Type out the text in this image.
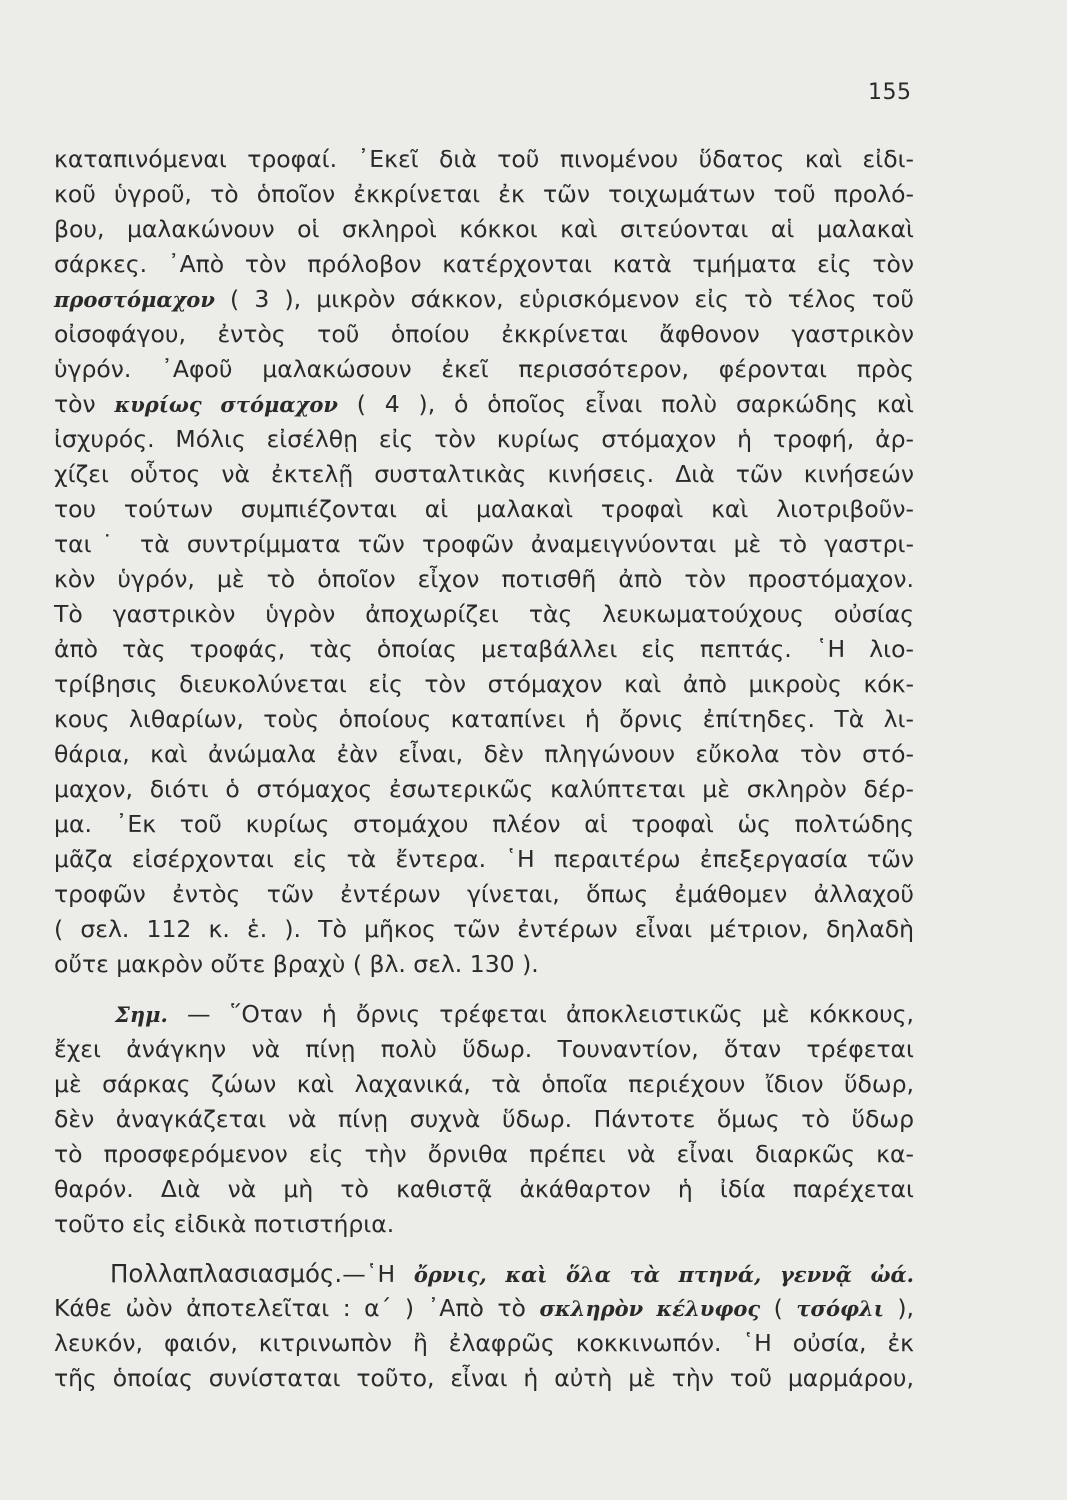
155
καταπινόμεναι τροφαί. ᾿Εκεῖ διὰ τοῦ πινομένου ὕδατος καὶ εἰδι-
κοῦ ὑγροῦ, τὸ ὁποῖον ἐκκρίνεται ἐκ τῶν τοιχωμάτων τοῦ προλό-
βου, μαλακώνουν οἱ σκληροὶ κόκκοι καὶ σιτεύονται αἱ μαλακαὶ
σάρκες. ᾿Απὸ τὸν πρόλοβον κατέρχονται κατὰ τμήματα εἰς τὸν
προστόμαχον ( 3 ), μικρὸν σάκκον, εὑρισκόμενον εἰς τὸ τέλος τοῦ
οἰσοφάγου, ἐντὸς τοῦ ὁποίου ἐκκρίνεται ἄφθονον γαστρικὸν
ὑγρόν. ᾿Αφοῦ μαλακώσουν ἐκεῖ περισσότερον, φέρονται πρὸς
τὸν κυρίως στόμαχον ( 4 ), ὁ ὁποῖος εἶναι πολὺ σαρκώδης καὶ
ἰσχυρός. Μόλις εἰσέλθῃ εἰς τὸν κυρίως στόμαχον ἡ τροφή, ἀρ-
χίζει οὗτος νὰ ἐκτελῇ συσταλτικὰς κινήσεις. Διὰ τῶν κινήσεών
του τούτων συμπιέζονται αἱ μαλακαὶ τροφαὶ καὶ λιοτριβοῦν-
ται˙ τὰ συντρίμματα τῶν τροφῶν ἀναμειγνύονται μὲ τὸ γαστρι-
κὸν ὑγρόν, μὲ τὸ ὁποῖον εἶχον ποτισθῆ ἀπὸ τὸν προστόμαχον.
Τὸ γαστρικὸν ὑγρὸν ἀποχωρίζει τὰς λευκωματούχους οὐσίας
ἀπὸ τὰς τροφάς, τὰς ὁποίας μεταβάλλει εἰς πεπτάς. ῾Η λιο-
τρίβησις διευκολύνεται εἰς τὸν στόμαχον καὶ ἀπὸ μικροὺς κόκ-
κους λιθαρίων, τοὺς ὁποίους καταπίνει ἡ ὄρνις ἐπίτηδες. Τὰ λι-
θάρια, καὶ ἀνώμαλα ἐὰν εἶναι, δὲν πληγώνουν εὔκολα τὸν στό-
μαχον, διότι ὁ στόμαχος ἐσωτερικῶς καλύπτεται μὲ σκληρὸν δέρ-
μα. ᾿Εκ τοῦ κυρίως στομάχου πλέον αἱ τροφαὶ ὡς πολτώδης
μᾶζα εἰσέρχονται εἰς τὰ ἔντερα. ῾Η περαιτέρω ἐπεξεργασία τῶν
τροφῶν ἐντὸς τῶν ἐντέρων γίνεται, ὅπως ἐμάθομεν ἀλλαχοῦ
( σελ. 112 κ. ἑ. ). Τὸ μῆκος τῶν ἐντέρων εἶναι μέτριον, δηλαδὴ
οὔτε μακρὸν οὔτε βραχὺ ( βλ. σελ. 130 ).
Σημ. — ῞Οταν ἡ ὄρνις τρέφεται ἀποκλειστικῶς μὲ κόκκους,
ἔχει ἀνάγκην νὰ πίνῃ πολὺ ὕδωρ. Τουναντίον, ὅταν τρέφεται
μὲ σάρκας ζώων καὶ λαχανικά, τὰ ὁποῖα περιέχουν ἴδιον ὕδωρ,
δὲν ἀναγκάζεται νὰ πίνῃ συχνὰ ὕδωρ. Πάντοτε ὅμως τὸ ὕδωρ
τὸ προσφερόμενον εἰς τὴν ὄρνιθα πρέπει νὰ εἶναι διαρκῶς κα-
θαρόν. Διὰ νὰ μὴ τὸ καθιστᾷ ἀκάθαρτον ἡ ἰδία παρέχεται
τοῦτο εἰς εἰδικὰ ποτιστήρια.
Πολλαπλασιασμός.—῾Η ὄρνις, καὶ ὅλα τὰ πτηνά, γεννᾷ ὠά.
Κάθε ὠὸν ἀποτελεῖται : α΄ ) ᾿Απὸ τὸ σκληρὸν κέλυφος ( τσόφλι ),
λευκόν, φαιόν, κιτρινωπὸν ἢ ἐλαφρῶς κοκκινωπόν. ῾Η οὐσία, ἐκ
τῆς ὁποίας συνίσταται τοῦτο, εἶναι ἡ αὐτὴ μὲ τὴν τοῦ μαρμάρου,
